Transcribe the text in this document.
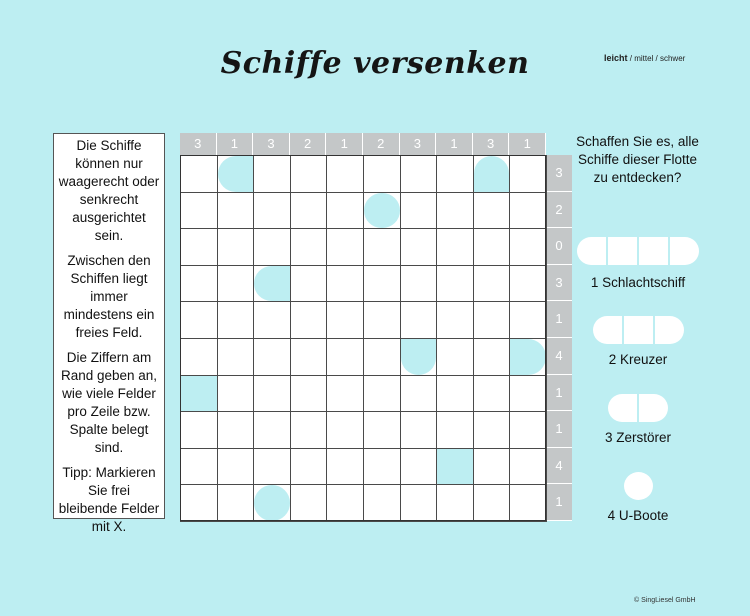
Schiffe versenken	leicht / mittel / schwer

Die Schiffe können nur waagerecht oder senkrecht ausgerichtet sein.

Zwischen den Schiffen liegt immer mindestens ein freies Feld.

Die Ziffern am Rand geben an, wie viele Felder pro Zeile bzw. Spalte belegt sind.

Tipp: Markieren Sie frei bleibende Felder mit X.

3	1	3	2	1	2	3	1	3	1
3
2
0
3
1
4
1
1
4
1
Schaffen Sie es, alle Schiffe dieser Flotte zu entdecken?
1 Schlachtschiff
2 Kreuzer
3 Zerstörer
4 U-Boote
© SingLiesel GmbH
